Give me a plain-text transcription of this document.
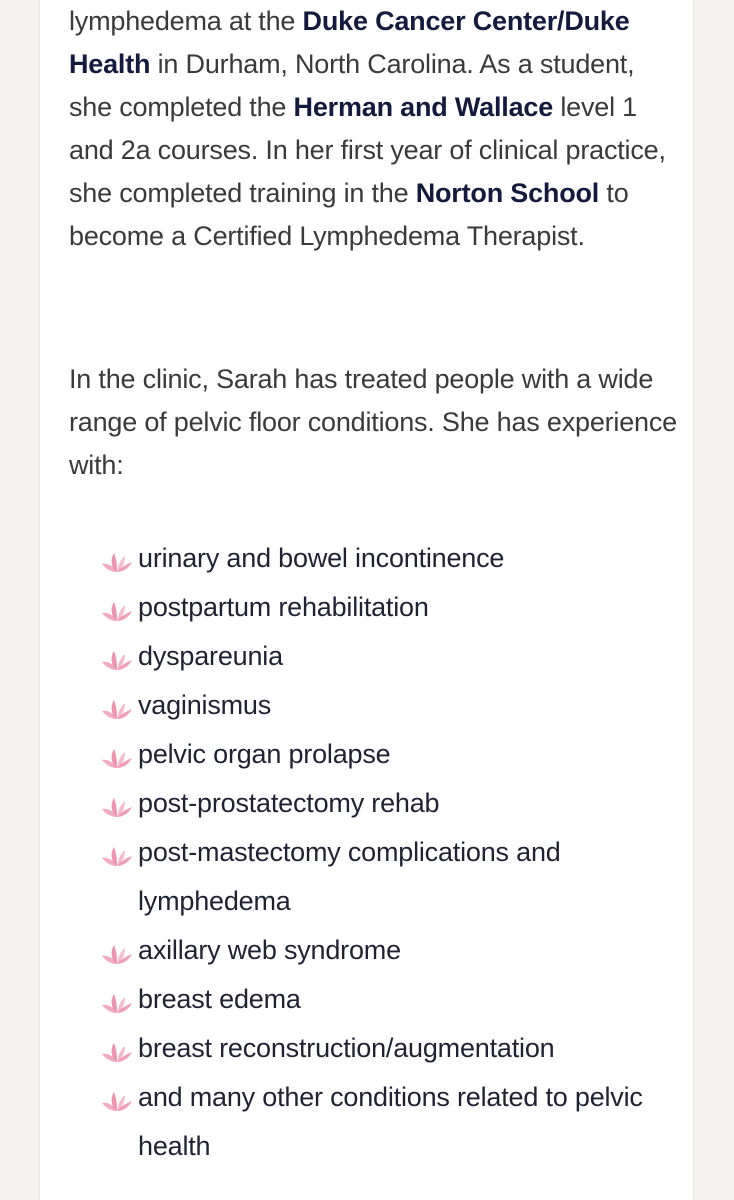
lymphedema at the Duke Cancer Center/Duke Health in Durham, North Carolina. As a student, she completed the Herman and Wallace level 1 and 2a courses. In her first year of clinical practice, she completed training in the Norton School to become a Certified Lymphedema Therapist.

In the clinic, Sarah has treated people with a wide range of pelvic floor conditions. She has experience with:

urinary and bowel incontinence
postpartum rehabilitation
dyspareunia
vaginismus
pelvic organ prolapse
post-prostatectomy rehab
post-mastectomy complications and lymphedema
axillary web syndrome
breast edema
breast reconstruction/augmentation
and many other conditions related to pelvic health
